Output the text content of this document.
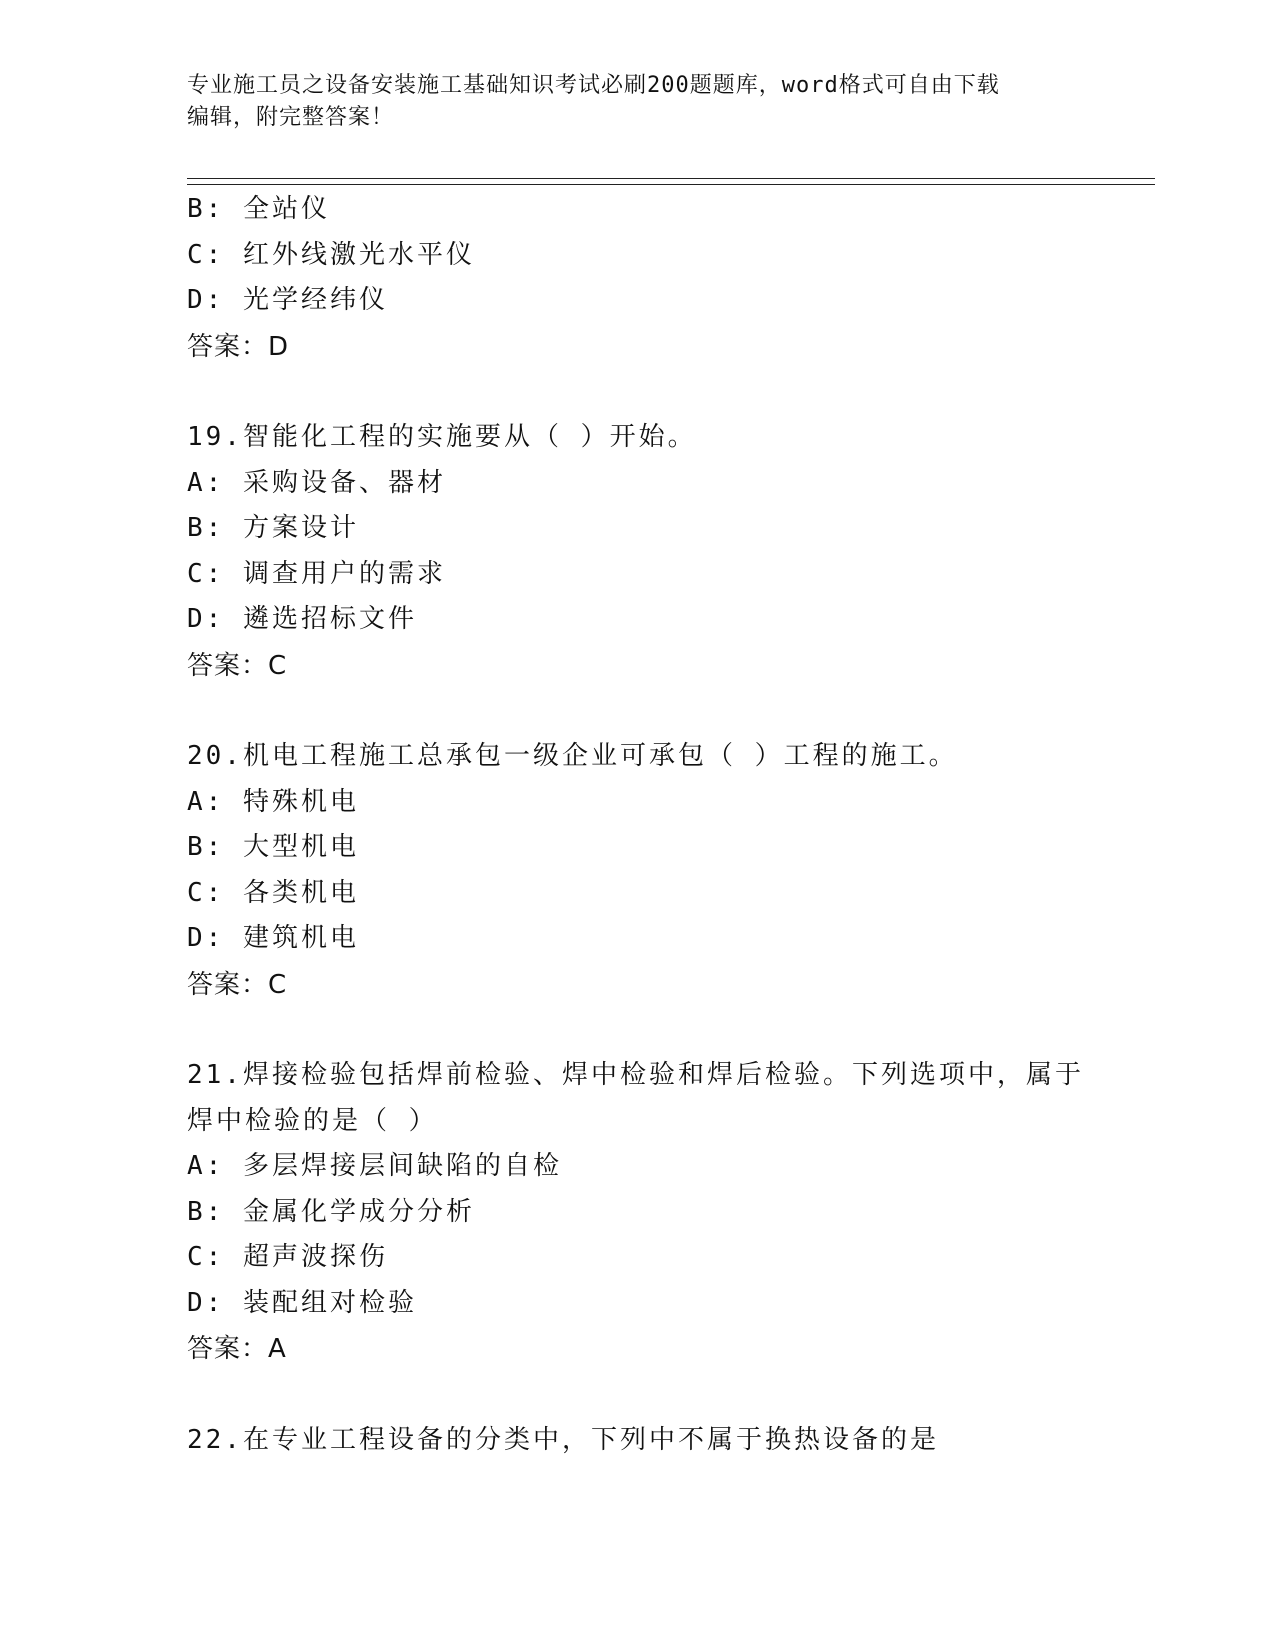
专业施工员之设备安装施工基础知识考试必刷200题题库，word格式可自由下载
编辑，附完整答案！
B: 全站仪
C: 红外线激光水平仪
D: 光学经纬仪
答案：D
19.智能化工程的实施要从（ ）开始。
A: 采购设备、器材
B: 方案设计
C: 调查用户的需求
D: 遴选招标文件
答案：C
20.机电工程施工总承包一级企业可承包（ ）工程的施工。
A: 特殊机电
B: 大型机电
C: 各类机电
D: 建筑机电
答案：C
21.焊接检验包括焊前检验、焊中检验和焊后检验。下列选项中，属于
焊中检验的是（ ）
A: 多层焊接层间缺陷的自检
B: 金属化学成分分析
C: 超声波探伤
D: 装配组对检验
答案：A
22.在专业工程设备的分类中，下列中不属于换热设备的是
